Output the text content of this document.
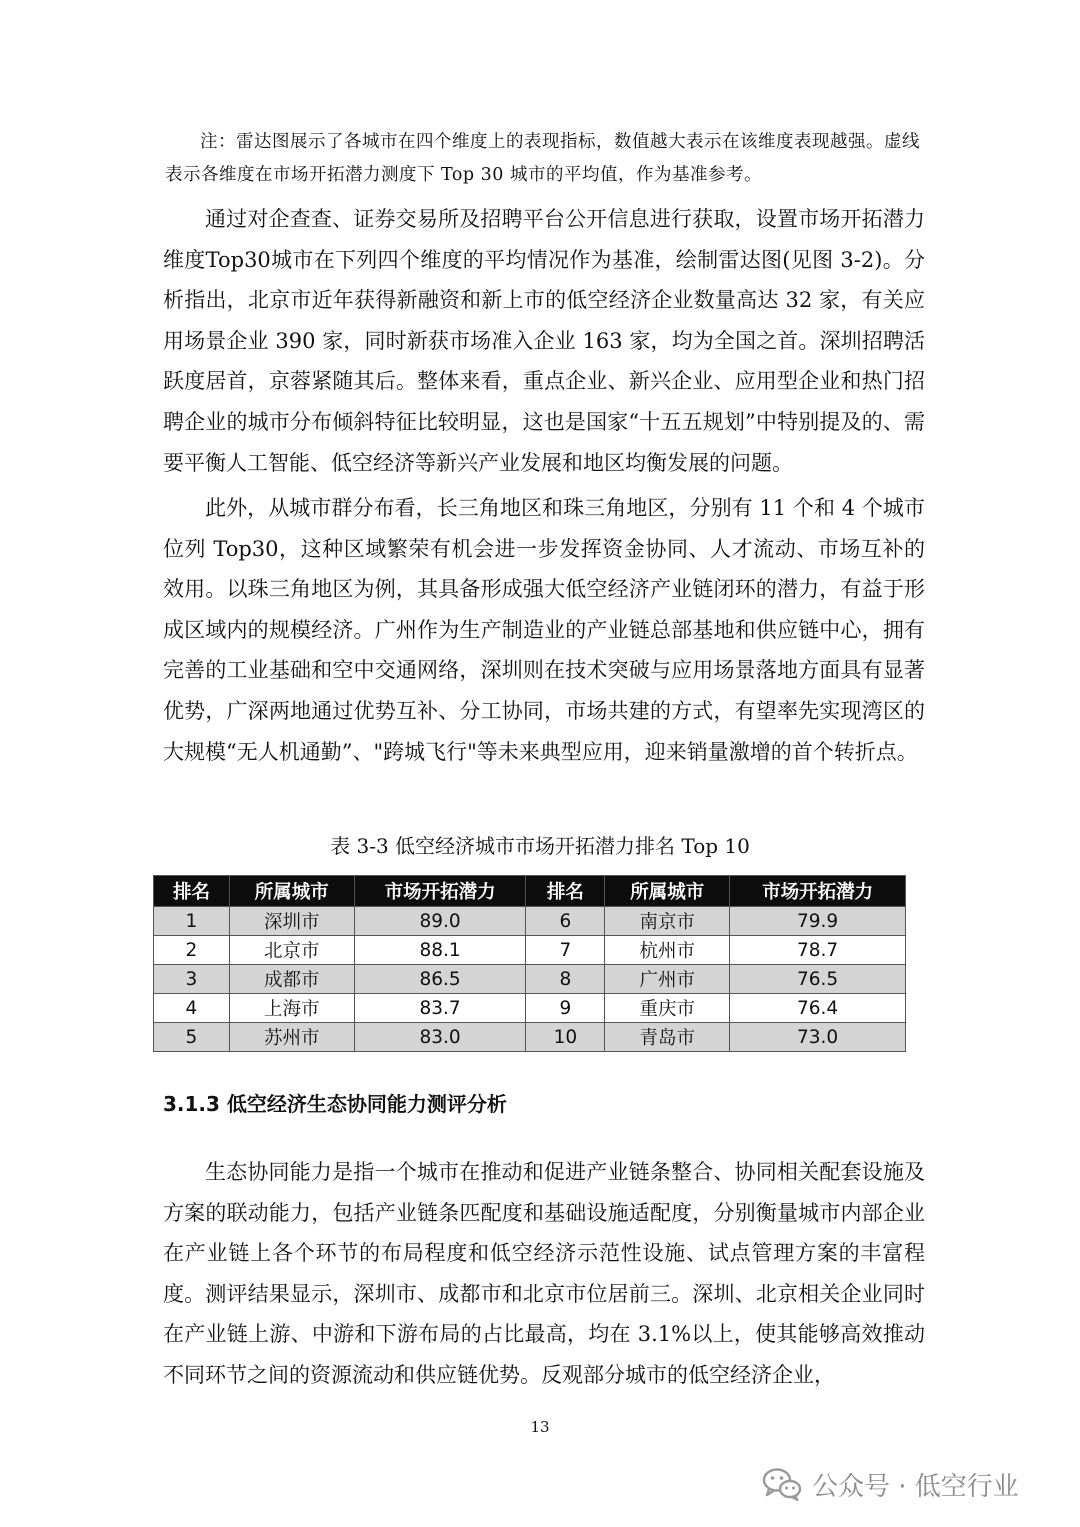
注：雷达图展示了各城市在四个维度上的表现指标，数值越大表示在该维度表现越强。虚线

表示各维度在市场开拓潜力测度下 Top 30 城市的平均值，作为基准参考。

通过对企查查、证券交易所及招聘平台公开信息进行获取，设置市场开拓潜力维度Top30城市在下列四个维度的平均情况作为基准，绘制雷达图(见图 3-2)。分析指出，北京市近年获得新融资和新上市的低空经济企业数量高达 32 家，有关应用场景企业 390 家，同时新获市场准入企业 163 家，均为全国之首。深圳招聘活跃度居首，京蓉紧随其后。整体来看，重点企业、新兴企业、应用型企业和热门招聘企业的城市分布倾斜特征比较明显，这也是国家“十五五规划”中特别提及的、需要平衡人工智能、低空经济等新兴产业发展和地区均衡发展的问题。

此外，从城市群分布看，长三角地区和珠三角地区，分别有 11 个和 4 个城市位列 Top30，这种区域繁荣有机会进一步发挥资金协同、人才流动、市场互补的效用。以珠三角地区为例，其具备形成强大低空经济产业链闭环的潜力，有益于形成区域内的规模经济。广州作为生产制造业的产业链总部基地和供应链中心，拥有完善的工业基础和空中交通网络，深圳则在技术突破与应用场景落地方面具有显著优势，广深两地通过优势互补、分工协同，市场共建的方式，有望率先实现湾区的大规模“无人机通勤”、"跨城飞行"等未来典型应用，迎来销量激增的首个转折点。

表 3-3 低空经济城市市场开拓潜力排名 Top 10
排名	所属城市	市场开拓潜力	排名	所属城市	市场开拓潜力
1	深圳市	89.0	6	南京市	79.9
2	北京市	88.1	7	杭州市	78.7
3	成都市	86.5	8	广州市	76.5
4	上海市	83.7	9	重庆市	76.4
5	苏州市	83.0	10	青岛市	73.0
3.1.3 低空经济生态协同能力测评分析

生态协同能力是指一个城市在推动和促进产业链条整合、协同相关配套设施及方案的联动能力，包括产业链条匹配度和基础设施适配度，分别衡量城市内部企业在产业链上各个环节的布局程度和低空经济示范性设施、试点管理方案的丰富程度。测评结果显示，深圳市、成都市和北京市位居前三。深圳、北京相关企业同时在产业链上游、中游和下游布局的占比最高，均在 3.1%以上，使其能够高效推动不同环节之间的资源流动和供应链优势。反观部分城市的低空经济企业，

13
公众号 · 低空行业
